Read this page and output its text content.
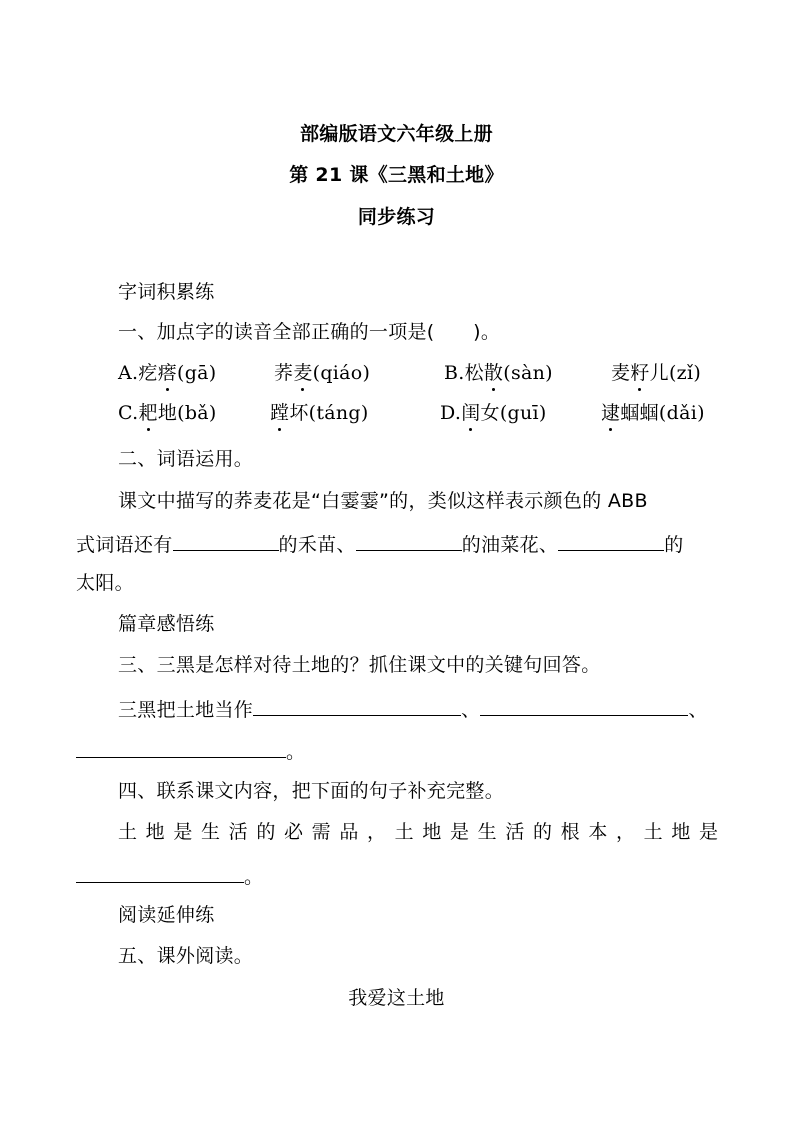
部编版语文六年级上册
第 21 课《三黑和土地》
同步练习
字词积累练
一、加点字的读音全部正确的一项是(　　)。
A.疙瘩(gā)	荞麦(qiáo)	B.松散(sàn)	麦籽儿(zǐ)
C.耙地(bǎ)	蹚坏(táng)	D.闺女(guī)	逮蝈蝈(dǎi)
二、词语运用。
课文中描写的荞麦花是“白霎霎”的，类似这样表示颜色的 ABB
式词语还有	的禾苗、	的油菜花、	的
太阳。
篇章感悟练
三、三黑是怎样对待土地的？抓住课文中的关键句回答。
三黑把土地当作	、	、
。
四、联系课文内容，把下面的句子补充完整。
土地是生活的必需品，土地是生活的根本，土地是
。
阅读延伸练
五、课外阅读。
我爱这土地
